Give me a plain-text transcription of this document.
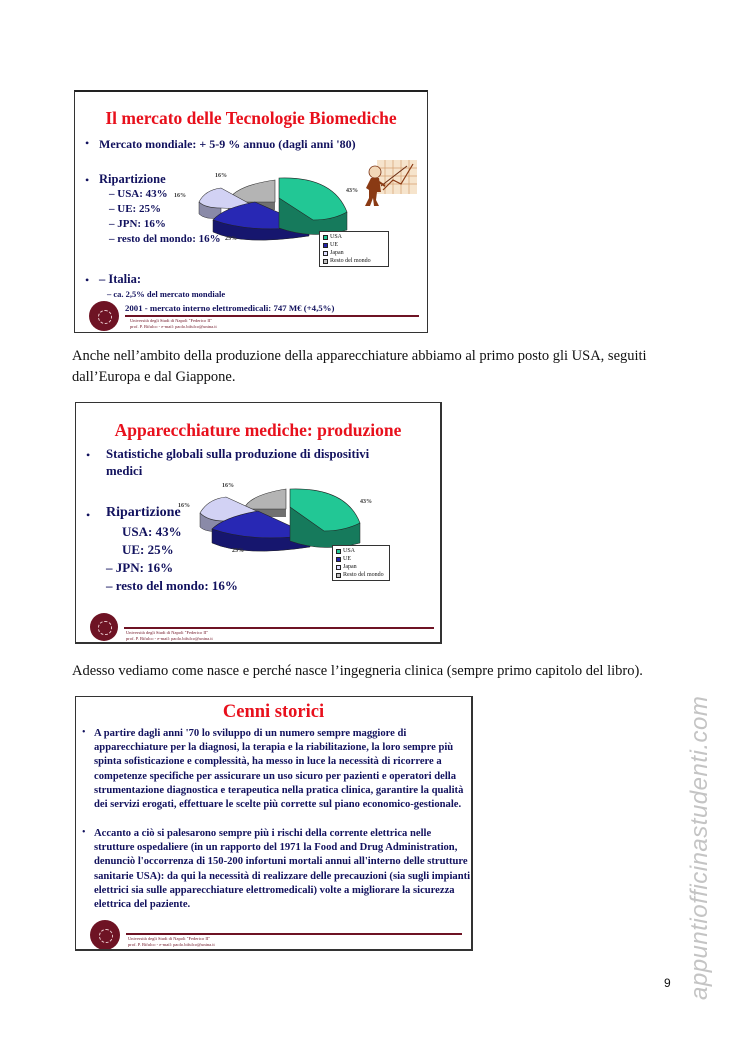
Il mercato delle Tecnologie Biomediche
• Mercato mondiale: + 5-9 % annuo (dagli anni '80)
• Ripartizione
– USA: 43%
– UE: 25%
– JPN: 16%
– resto del mondo: 16%
16%
16%
43%
25%	USA
UE
Japan
Resto del mondo
• – Italia:
– ca. 2,5% del mercato mondiale
2001 - mercato interno elettromedicali: 747 M€ (+4,5%)
Università degli Studi di Napoli "Federico II"
prof. P. Bifulco - e-mail: paolo.bifulco@unina.it
Anche nell’ambito della produzione della apparecchiature abbiamo al primo posto gli USA, seguiti
dall’Europa e dal Giappone.
Apparecchiature mediche: produzione
• Statistiche globali sulla produzione di dispositivi
medici
• Ripartizione
USA: 43%
UE: 25%
– JPN: 16%
– resto del mondo: 16%
16%
16%
43%
25%	USA
UE
Japan
Resto del mondo
Università degli Studi di Napoli "Federico II"
prof. P. Bifulco - e-mail: paolo.bifulco@unina.it
Adesso vediamo come nasce e perché nasce l’ingegneria clinica (sempre primo capitolo del libro).
Cenni storici
• A partire dagli anni '70 lo sviluppo di un numero sempre maggiore di apparecchiature per la diagnosi, la terapia e la riabilitazione, la loro sempre più spinta sofisticazione e complessità, ha messo in luce la necessità di ricorrere a competenze specifiche per assicurare un uso sicuro per pazienti e operatori della strumentazione diagnostica e terapeutica nella pratica clinica, garantire la qualità dei servizi erogati, effettuare le scelte più corrette sul piano economico-gestionale.
• Accanto a ciò si palesarono sempre più i rischi della corrente elettrica nelle strutture ospedaliere (in un rapporto del 1971 la Food and Drug Administration, denunciò l'occorrenza di 150-200 infortuni mortali annui all'interno delle strutture sanitarie USA): da qui la necessità di realizzare delle precauzioni (sia sugli impianti elettrici sia sulle apparecchiature elettromedicali) volte a migliorare la sicurezza elettrica del paziente.
Università degli Studi di Napoli "Federico II"
prof. P. Bifulco - e-mail: paolo.bifulco@unina.it
9 appuntiofficinastudenti.com
